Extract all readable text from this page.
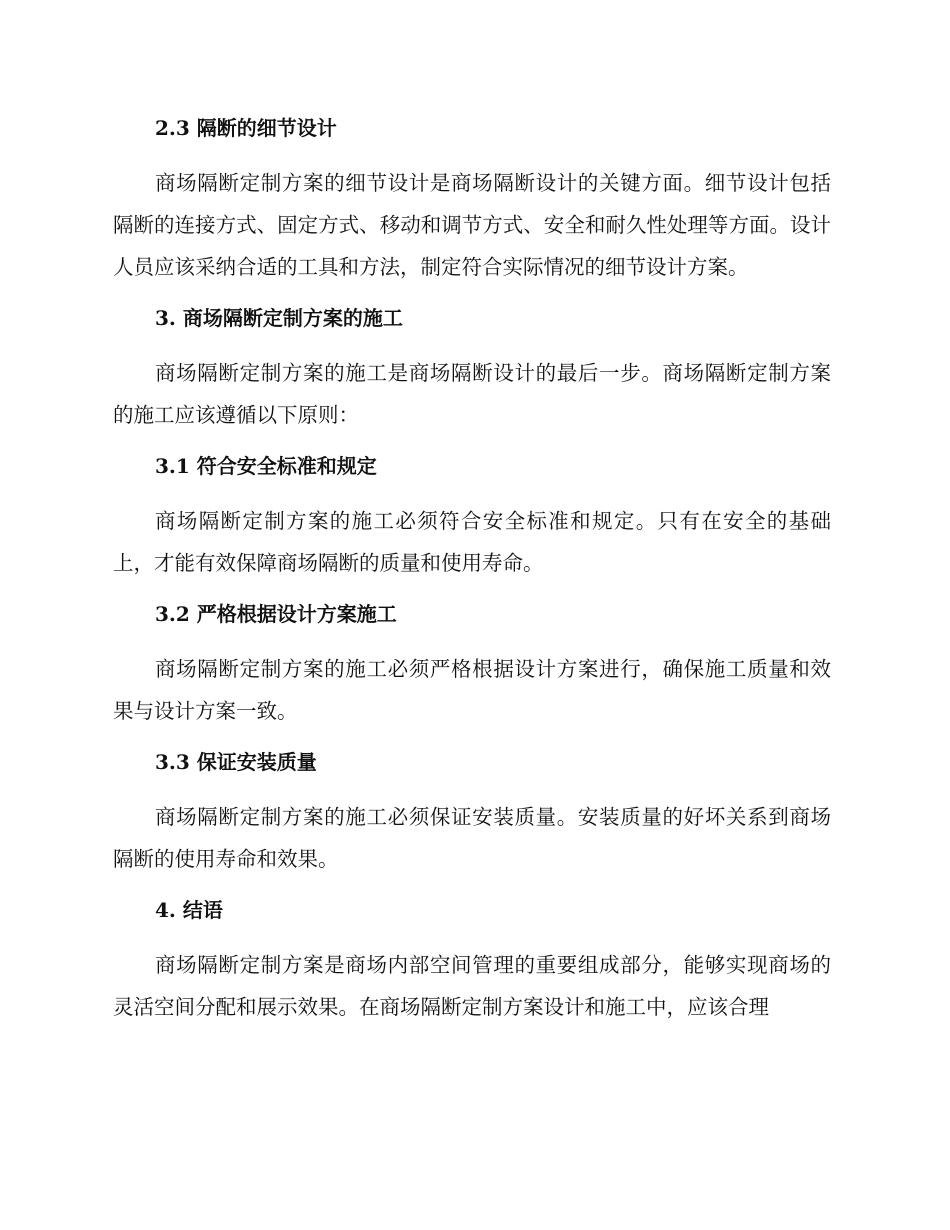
2.3 隔断的细节设计
商场隔断定制方案的细节设计是商场隔断设计的关键方面。细节设计包括隔断的连接方式、固定方式、移动和调节方式、安全和耐久性处理等方面。设计人员应该采纳合适的工具和方法，制定符合实际情况的细节设计方案。
3. 商场隔断定制方案的施工
商场隔断定制方案的施工是商场隔断设计的最后一步。商场隔断定制方案的施工应该遵循以下原则：
3.1 符合安全标准和规定
商场隔断定制方案的施工必须符合安全标准和规定。只有在安全的基础上，才能有效保障商场隔断的质量和使用寿命。
3.2 严格根据设计方案施工
商场隔断定制方案的施工必须严格根据设计方案进行，确保施工质量和效果与设计方案一致。
3.3 保证安装质量
商场隔断定制方案的施工必须保证安装质量。安装质量的好坏关系到商场隔断的使用寿命和效果。
4. 结语
商场隔断定制方案是商场内部空间管理的重要组成部分，能够实现商场的灵活空间分配和展示效果。在商场隔断定制方案设计和施工中，应该合理
